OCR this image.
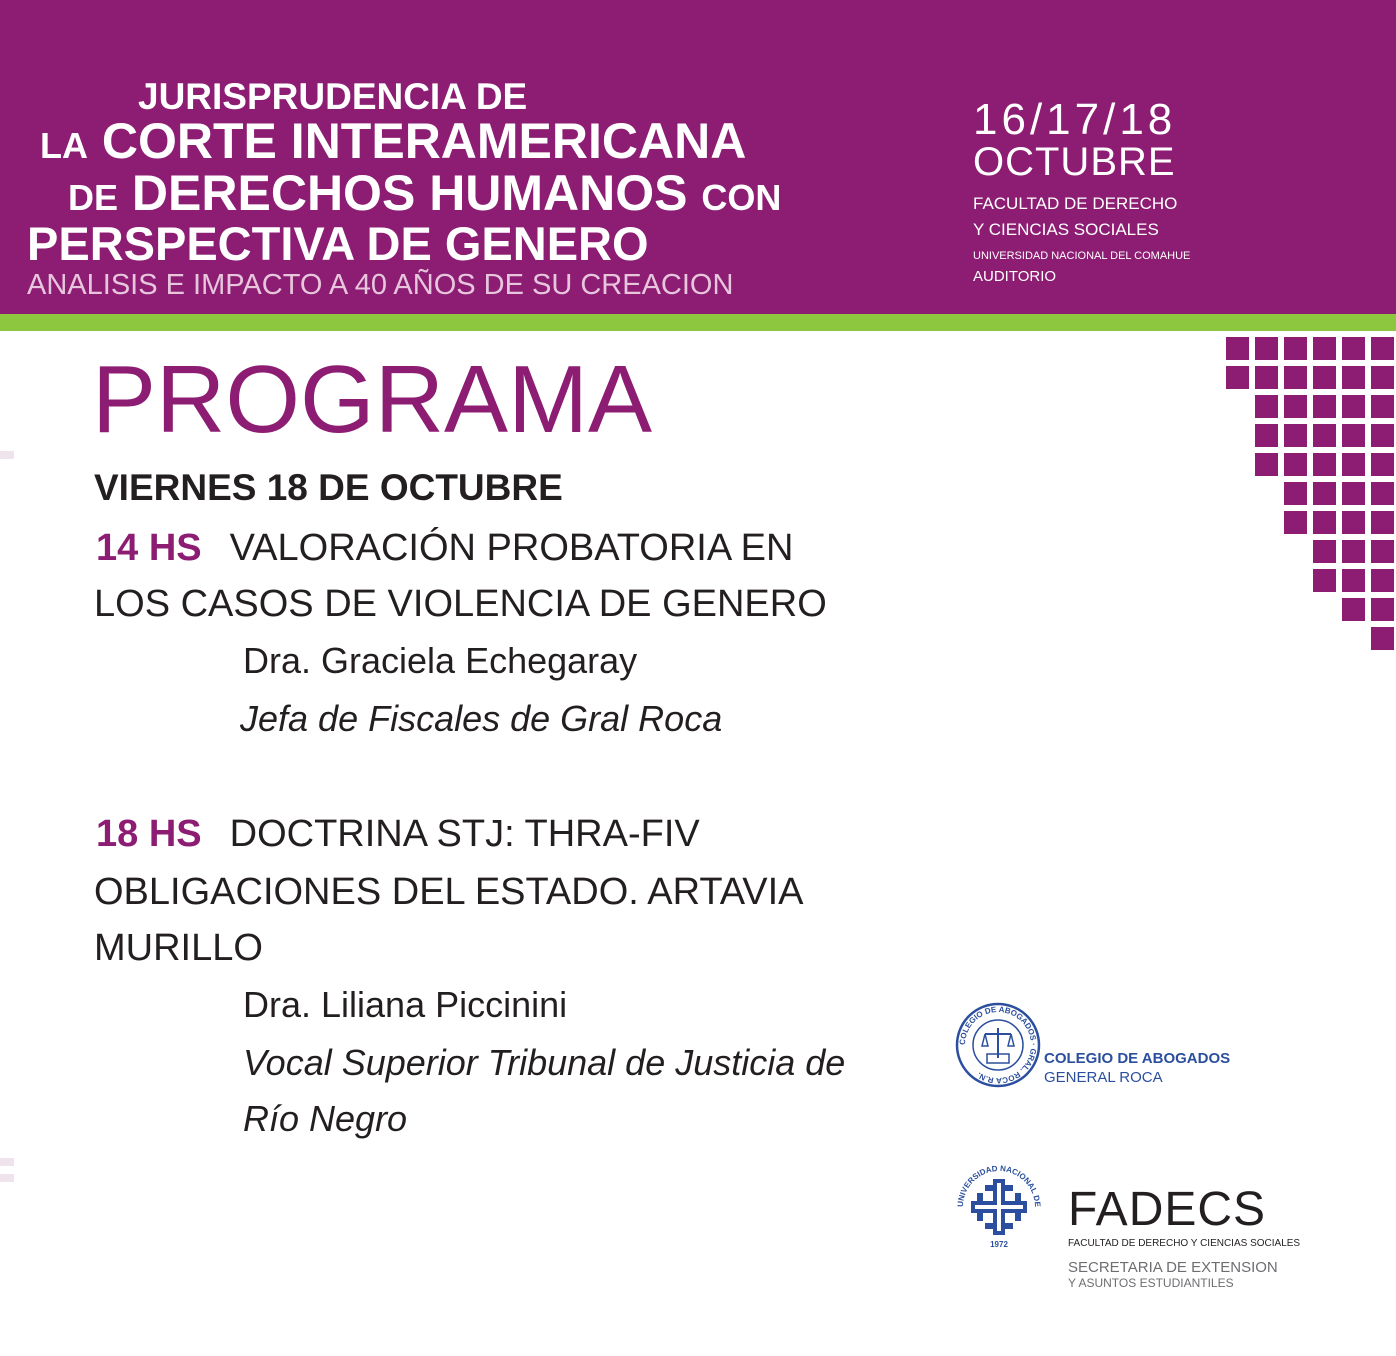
JURISPRUDENCIA DE
LA CORTE INTERAMERICANA
DE DERECHOS HUMANOS CON
PERSPECTIVA DE GENERO
ANALISIS E IMPACTO A 40 AÑOS DE SU CREACION
16/17/18
OCTUBRE
FACULTAD DE DERECHO
Y CIENCIAS SOCIALES
UNIVERSIDAD NACIONAL DEL COMAHUE
AUDITORIO
PROGRAMA
VIERNES 18 DE OCTUBRE
14 HS VALORACIÓN PROBATORIA EN
LOS CASOS DE VIOLENCIA DE GENERO
Dra. Graciela Echegaray
Jefa de Fiscales de Gral Roca
18 HS DOCTRINA STJ: THRA-FIV
OBLIGACIONES DEL ESTADO. ARTAVIA
MURILLO
Dra. Liliana Piccinini
Vocal Superior Tribunal de Justicia de
Río Negro
COLEGIO DE ABOGADOS · GRAL. ROCA R.N.
COLEGIO DE ABOGADOS
GENERAL ROCA
UNIVERSIDAD NACIONAL DE
1972
FADECS
FACULTAD DE DERECHO Y CIENCIAS SOCIALES
SECRETARIA DE EXTENSION
Y ASUNTOS ESTUDIANTILES
